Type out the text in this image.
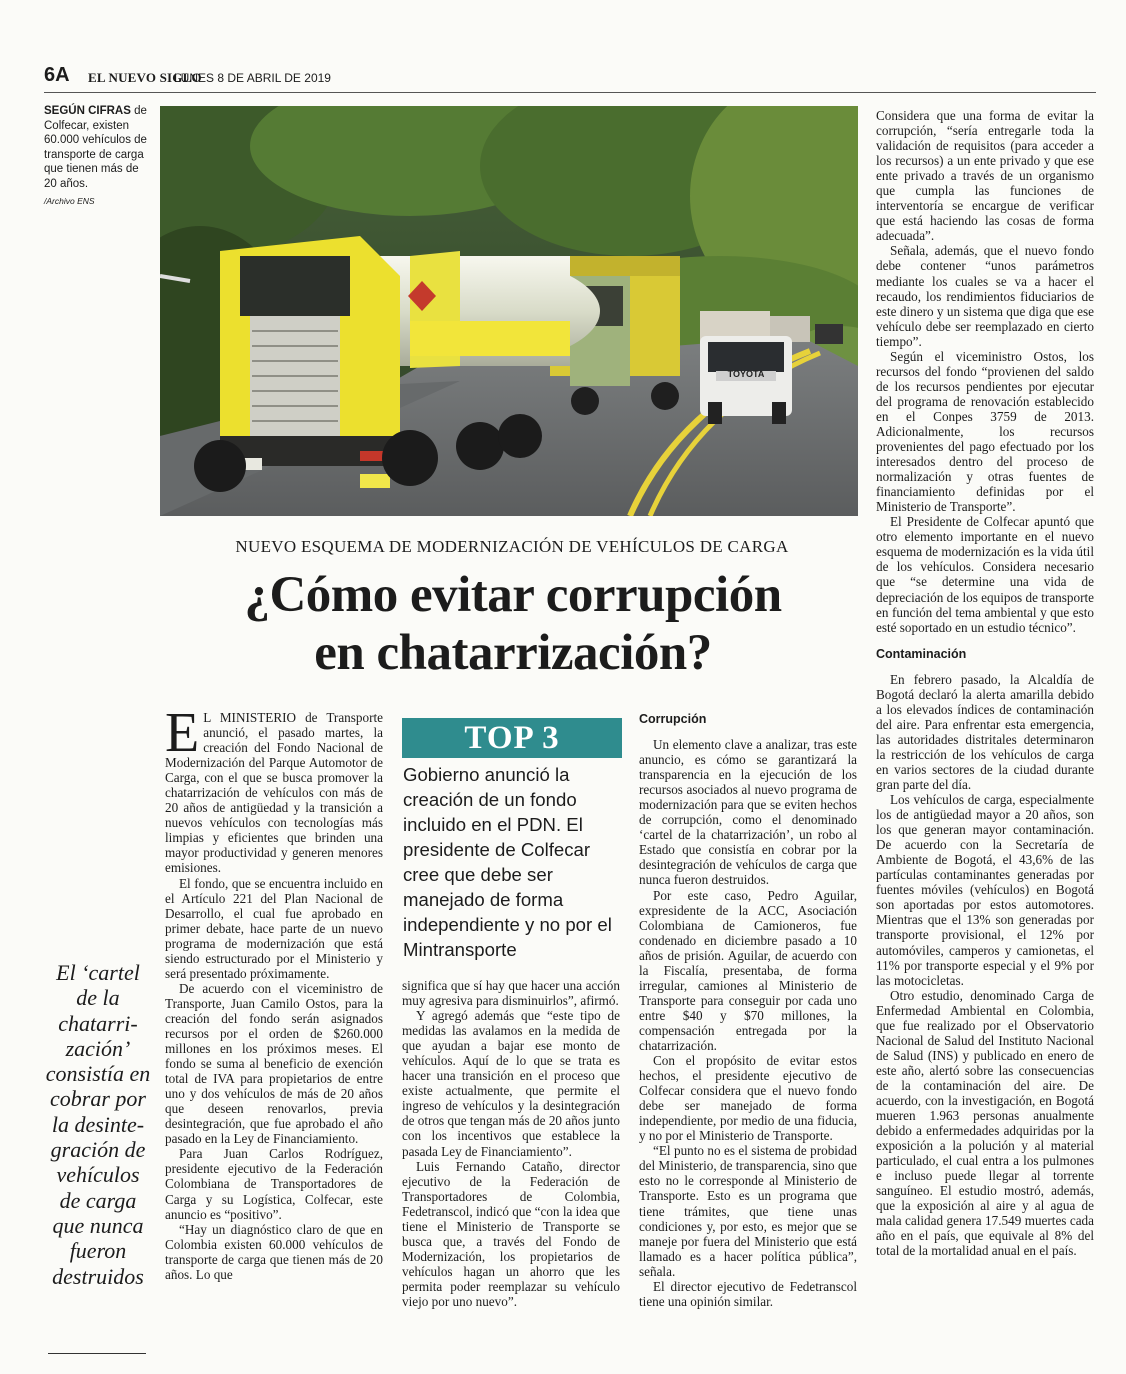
6A EL NUEVO SIGLO
LUNES 8 DE ABRIL DE 2019
SEGÚN CIFRAS de Colfecar, existen 60.000 vehículos de transporte de carga que tienen más de 20 años.
/Archivo ENS
TOYOTA
NUEVO ESQUEMA DE MODERNIZACIÓN DE VEHÍCULOS DE CARGA
¿Cómo evitar corrupción
en chatarrización?
El ‘cartel de la chatarri-zación’ consistía en cobrar por la desinte-gración de vehículos de carga que nunca fueron destruidos

E L MINISTERIO de Transporte anunció, el pasado martes, la creación del Fondo Nacional de Modernización del Parque Automotor de Carga, con el que se busca promover la chatarrización de vehículos con más de 20 años de antigüedad y la transición a nuevos vehículos con tecnologías más limpias y eficientes que brinden una mayor productividad y generen menores emisiones.

El fondo, que se encuentra incluido en el Artículo 221 del Plan Nacional de Desarrollo, el cual fue aprobado en primer debate, hace parte de un nuevo programa de modernización que está siendo estructurado por el Ministerio y será presentado próximamente.

De acuerdo con el viceministro de Transporte, Juan Camilo Ostos, para la creación del fondo serán asignados recursos por el orden de $260.000 millones en los próximos meses. El fondo se suma al beneficio de exención total de IVA para propietarios de entre uno y dos vehículos de más de 20 años que deseen renovarlos, previa desintegración, que fue aprobado el año pasado en la Ley de Financiamiento.

Para Juan Carlos Rodríguez, presidente ejecutivo de la Federación Colombiana de Transportadores de Carga y su Logística, Colfecar, este anuncio es “positivo”.

“Hay un diagnóstico claro de que en Colombia existen 60.000 vehículos de transporte de carga que tienen más de 20 años. Lo que

TOP 3
Gobierno anunció la creación de un fondo incluido en el PDN. El presidente de Colfecar cree que debe ser manejado de forma independiente y no por el Mintransporte

significa que sí hay que hacer una acción muy agresiva para disminuirlos”, afirmó.

Y agregó además que “este tipo de medidas las avalamos en la medida de que ayudan a bajar ese monto de vehículos. Aquí de lo que se trata es hacer una transición en el proceso que existe actualmente, que permite el ingreso de vehículos y la desintegración de otros que tengan más de 20 años junto con los incentivos que establece la pasada Ley de Financiamiento”.

Luis Fernando Cataño, director ejecutivo de la Federación de Transportadores de Colombia, Fedetranscol, indicó que “con la idea que tiene el Ministerio de Transporte se busca que, a través del Fondo de Modernización, los propietarios de vehículos hagan un ahorro que les permita poder reemplazar su vehículo viejo por uno nuevo”.

Corrupción

Un elemento clave a analizar, tras este anuncio, es cómo se garantizará la transparencia en la ejecución de los recursos asociados al nuevo programa de modernización para que se eviten hechos de corrupción, como el denominado ‘cartel de la chatarrización’, un robo al Estado que consistía en cobrar por la desintegración de vehículos de carga que nunca fueron destruidos.

Por este caso, Pedro Aguilar, expresidente de la ACC, Asociación Colombiana de Camioneros, fue condenado en diciembre pasado a 10 años de prisión. Aguilar, de acuerdo con la Fiscalía, presentaba, de forma irregular, camiones al Ministerio de Transporte para conseguir por cada uno entre $40 y $70 millones, la compensación entregada por la chatarrización.

Con el propósito de evitar estos hechos, el presidente ejecutivo de Colfecar considera que el nuevo fondo debe ser manejado de forma independiente, por medio de una fiducia, y no por el Ministerio de Transporte.

“El punto no es el sistema de probidad del Ministerio, de transparencia, sino que esto no le corresponde al Ministerio de Transporte. Esto es un programa que tiene trámites, que tiene unas condiciones y, por esto, es mejor que se maneje por fuera del Ministerio que está llamado es a hacer política pública”, señala.

El director ejecutivo de Fedetranscol tiene una opinión similar.

Considera que una forma de evitar la corrupción, “sería entregarle toda la validación de requisitos (para acceder a los recursos) a un ente privado y que ese ente privado a través de un organismo que cumpla las funciones de interventoría se encargue de verificar que está haciendo las cosas de forma adecuada”.

Señala, además, que el nuevo fondo debe contener “unos parámetros mediante los cuales se va a hacer el recaudo, los rendimientos fiduciarios de este dinero y un sistema que diga que ese vehículo debe ser reemplazado en cierto tiempo”.

Según el viceministro Ostos, los recursos del fondo “provienen del saldo de los recursos pendientes por ejecutar del programa de renovación establecido en el Conpes 3759 de 2013. Adicionalmente, los recursos provenientes del pago efectuado por los interesados dentro del proceso de normalización y otras fuentes de financiamiento definidas por el Ministerio de Transporte”.

El Presidente de Colfecar apuntó que otro elemento importante en el nuevo esquema de modernización es la vida útil de los vehículos. Considera necesario que “se determine una vida de depreciación de los equipos de transporte en función del tema ambiental y que esto esté soportado en un estudio técnico”.

Contaminación

En febrero pasado, la Alcaldía de Bogotá declaró la alerta amarilla debido a los elevados índices de contaminación del aire. Para enfrentar esta emergencia, las autoridades distritales determinaron la restricción de los vehículos de carga en varios sectores de la ciudad durante gran parte del día.

Los vehículos de carga, especialmente los de antigüedad mayor a 20 años, son los que generan mayor contaminación. De acuerdo con la Secretaría de Ambiente de Bogotá, el 43,6% de las partículas contaminantes generadas por fuentes móviles (vehículos) en Bogotá son aportadas por estos automotores. Mientras que el 13% son generadas por transporte provisional, el 12% por automóviles, camperos y camionetas, el 11% por transporte especial y el 9% por las motocicletas.

Otro estudio, denominado Carga de Enfermedad Ambiental en Colombia, que fue realizado por el Observatorio Nacional de Salud del Instituto Nacional de Salud (INS) y publicado en enero de este año, alertó sobre las consecuencias de la contaminación del aire. De acuerdo, con la investigación, en Bogotá mueren 1.963 personas anualmente debido a enfermedades adquiridas por la exposición a la polución y al material particulado, el cual entra a los pulmones e incluso puede llegar al torrente sanguíneo. El estudio mostró, además, que la exposición al aire y al agua de mala calidad genera 17.549 muertes cada año en el país, que equivale al 8% del total de la mortalidad anual en el país.
